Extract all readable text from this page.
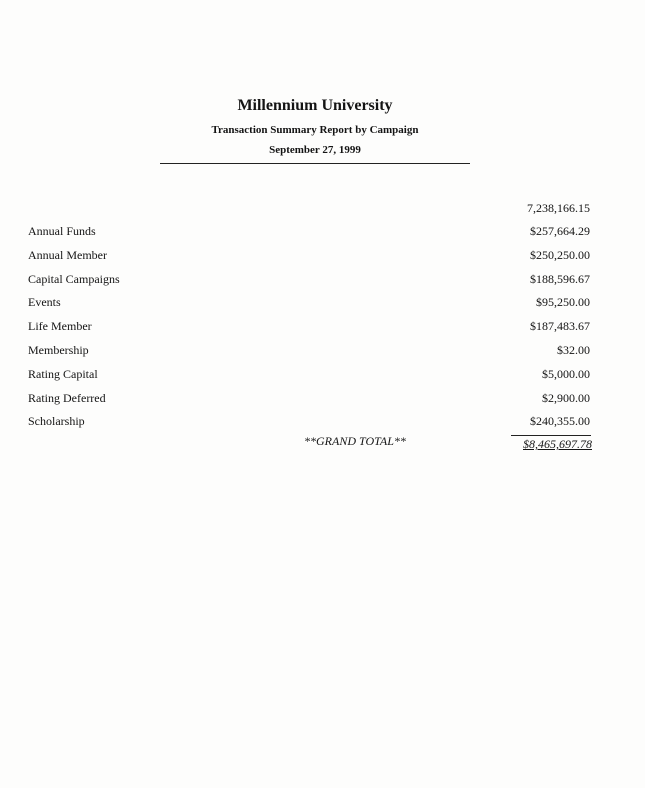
Millennium University
Transaction Summary Report by Campaign
September 27, 1999
7,238,166.15
Annual Funds	$257,664.29
Annual Member	$250,250.00
Capital Campaigns	$188,596.67
Events	$95,250.00
Life Member	$187,483.67
Membership	$32.00
Rating Capital	$5,000.00
Rating Deferred	$2,900.00
Scholarship	$240,355.00
**GRAND TOTAL**	$8,465,697.78
